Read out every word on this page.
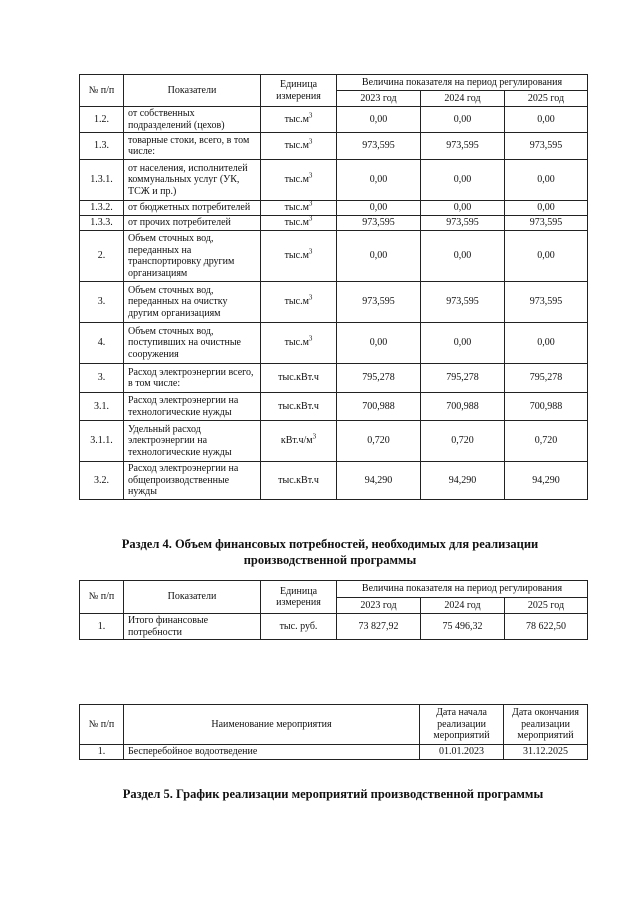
№ п/п	Показатели	Единица измерения	Величина показателя на период регулирования		
			2023 год	2024 год	2025 год
1.2.	от собственных подразделений (цехов)	$тыс.м^3$	0,00	0,00	0,00
1.3.	товарные стоки, всего, в том числе:	$тыс.м^3$	973,595	973,595	973,595
1.3.1.	от населения, исполнителей коммунальных услуг (УК, ТСЖ и пр.)	$тыс.м^3$	0,00	0,00	0,00
1.3.2.	от бюджетных потребителей	$тыс.м^3$	0,00	0,00	0,00
1.3.3.	от прочих потребителей	$тыс.м^3$	973,595	973,595	973,595
2.	Объем сточных вод, переданных на транспортировку другим организациям	$тыс.м^3$	0,00	0,00	0,00
3.	Объем сточных вод, переданных на очистку другим организациям	$тыс.м^3$	973,595	973,595	973,595
4.	Объем сточных вод, поступивших на очистные сооружения	$тыс.м^3$	0,00	0,00	0,00
3.	Расход электроэнергии всего, в том числе:	тыс.кВт.ч	795,278	795,278	795,278
3.1.	Расход электроэнергии на технологические нужды	тыс.кВт.ч	700,988	700,988	700,988
3.1.1.	Удельный расход электроэнергии на технологические нужды	$кВт.ч/м^3$	0,720	0,720	0,720
3.2.	Расход электроэнергии на общепроизводственные нужды	тыс.кВт.ч	94,290	94,290	94,290
Раздел 4. Объем финансовых потребностей, необходимых для реализации производственной программы
№ п/п	Показатели	Единица измерения	Величина показателя на период регулирования		
			2023 год	2024 год	2025 год
1.	Итого финансовые потребности	тыс. руб.	73 827,92	75 496,32	78 622,50
Раздел 5. График реализации мероприятий производственной программы
№ п/п	Наименование мероприятия	Дата начала реализации мероприятий	Дата окончания реализации мероприятий
1.	Бесперебойное водоотведение	01.01.2023	31.12.2025
